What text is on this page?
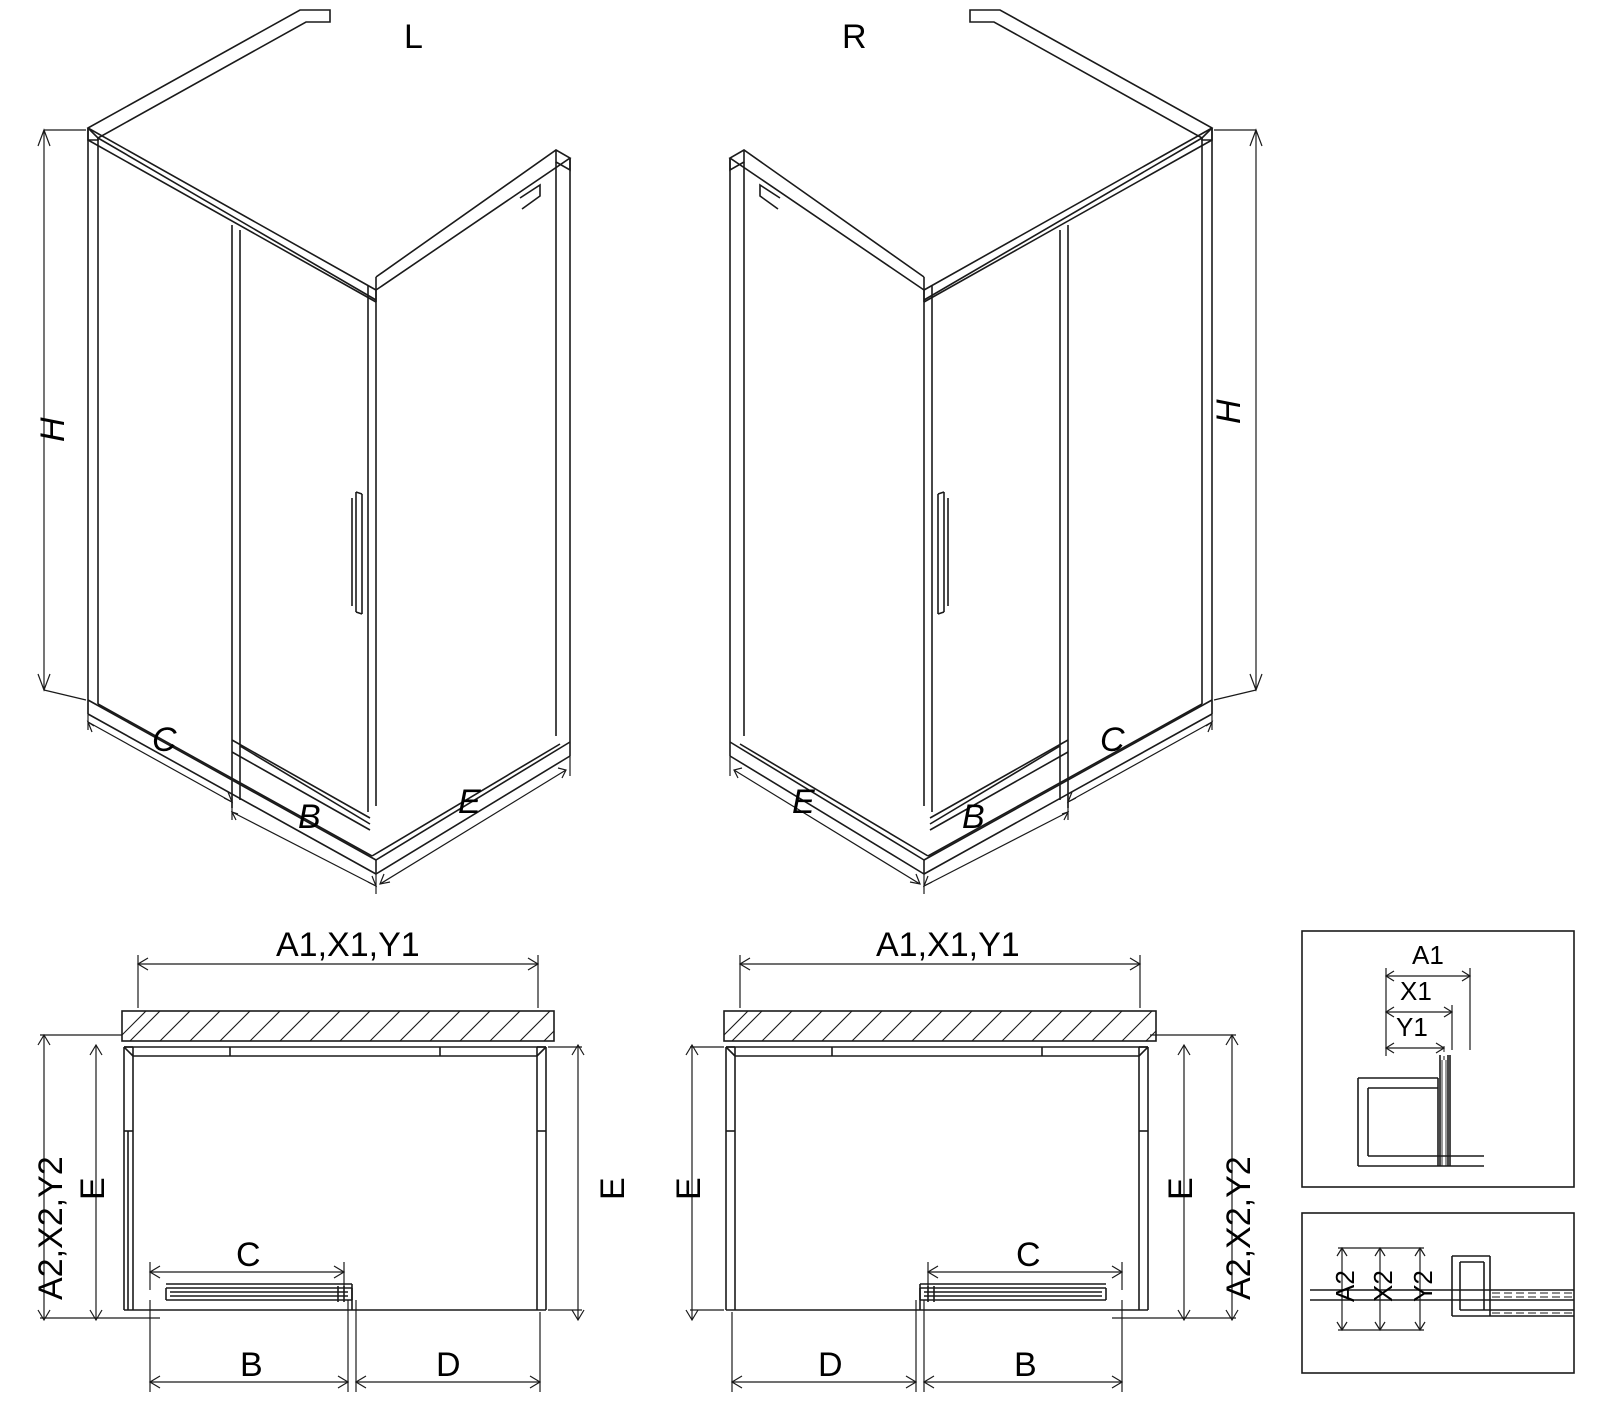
L	R
H
H
C
B	E
C
B
E
A1,X1,Y1
A2,X2,Y2 E	E
C
B	D
A1,X1,Y1
A2,X2,Y2
E	E
C
B
D
A1
X1
Y1
A2 X2 Y2
